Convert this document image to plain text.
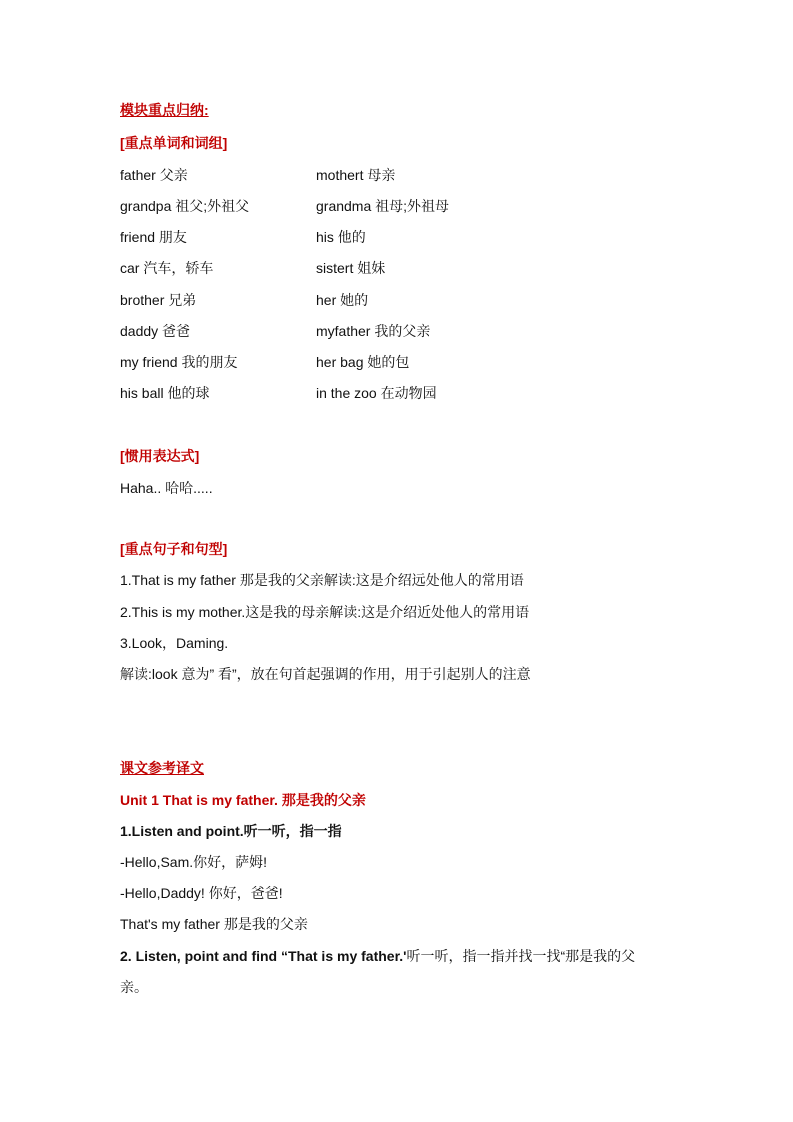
模块重点归纳:
[重点单词和词组]
father 父亲	mothert 母亲
grandpa 祖父;外祖父	grandma 祖母;外祖母
friend 朋友	his 他的
car 汽车，轿车	sistert 姐妹
brother 兄弟	her 她的
daddy 爸爸	myfather 我的父亲
my friend 我的朋友	her bag 她的包
his ball 他的球	in the zoo 在动物园
[惯用表达式]
Haha.. 哈哈.....
[重点句子和句型]
1.That is my father 那是我的父亲解读:这是介绍远处他人的常用语
2.This is my mother.这是我的母亲解读:这是介绍近处他人的常用语
3.Look，Daming.
解读:look 意为” 看”，放在句首起强调的作用，用于引起别人的注意
课文参考译文
Unit 1 That is my father. 那是我的父亲
1.Listen and point.听一听，指一指
-Hello,Sam.你好，萨姆!
-Hello,Daddy! 你好，爸爸!
That's my father 那是我的父亲
2. Listen, point and find “That is my father.'听一听，指一指并找一找“那是我的父
亲。
